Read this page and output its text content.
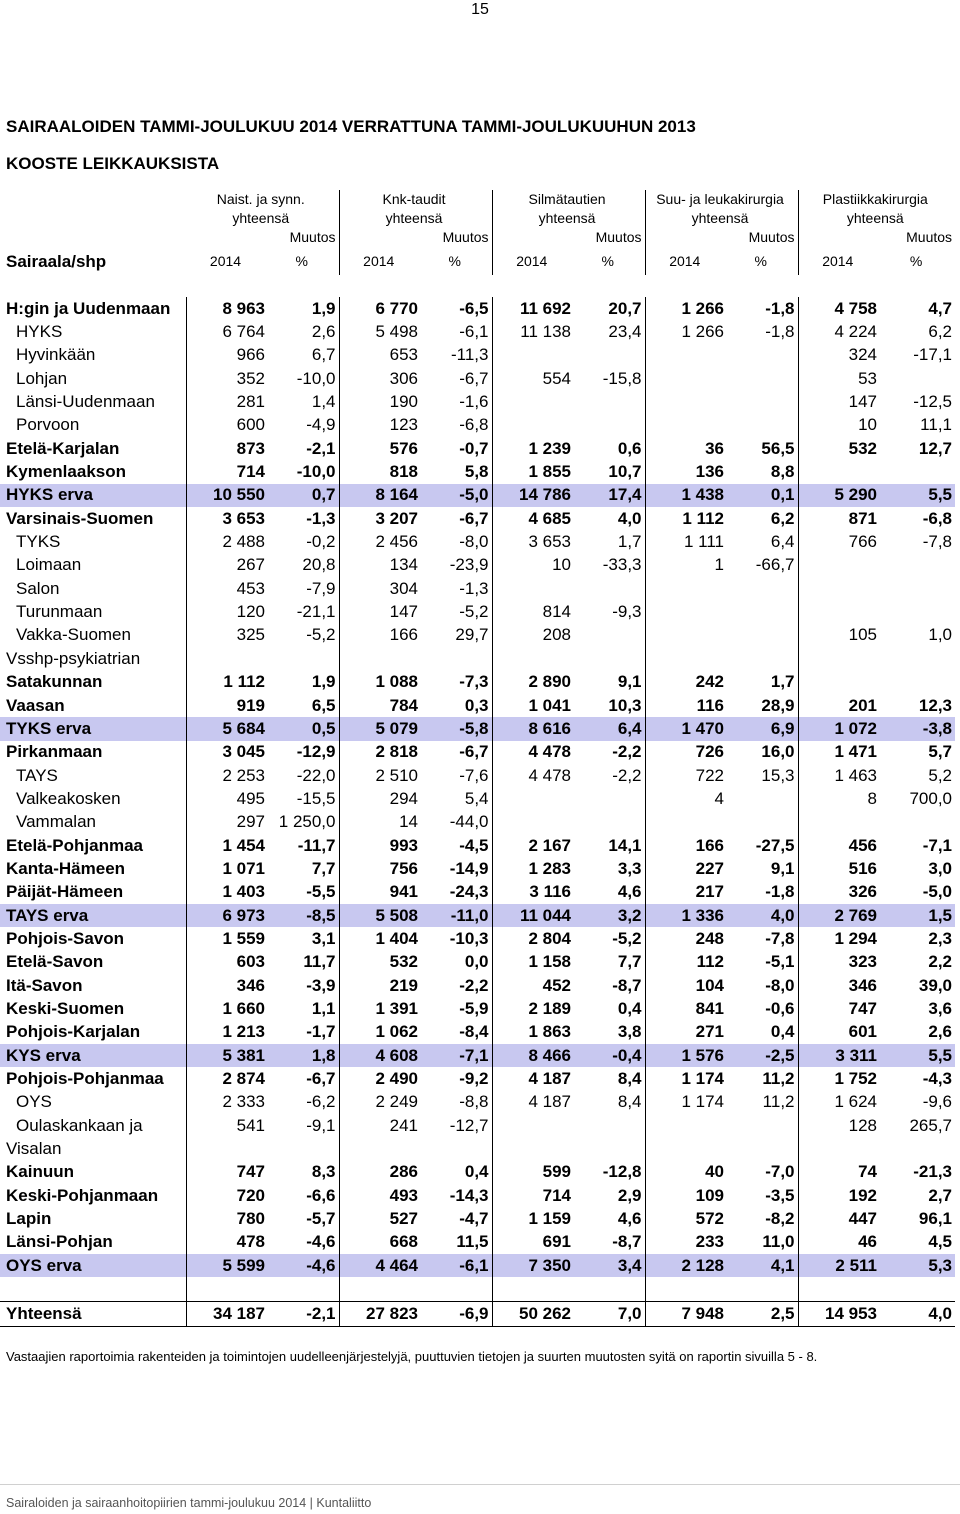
15
SAIRAALOIDEN TAMMI-JOULUKUU 2014 VERRATTUNA TAMMI-JOULUKUUHUN 2013
KOOSTE LEIKKAUKSISTA
	Naist. ja synn.		Knk-taudit		Silmätautien		Suu- ja leukakirurgia		Plastiikkakirurgia	
	yhteensä		yhteensä		yhteensä		yhteensä		yhteensä	
		Muutos		Muutos		Muutos		Muutos		Muutos
Sairaala/shp	2014	%	2014	%	2014	%	2014	%	2014	%
H:gin ja Uudenmaan	8 963	1,9	6 770	-6,5	11 692	20,7	1 266	-1,8	4 758	4,7
HYKS	6 764	2,6	5 498	-6,1	11 138	23,4	1 266	-1,8	4 224	6,2
Hyvinkään	966	6,7	653	-11,3					324	-17,1
Lohjan	352	-10,0	306	-6,7	554	-15,8			53	
Länsi-Uudenmaan	281	1,4	190	-1,6					147	-12,5
Porvoon	600	-4,9	123	-6,8					10	11,1
Etelä-Karjalan	873	-2,1	576	-0,7	1 239	0,6	36	56,5	532	12,7
Kymenlaakson	714	-10,0	818	5,8	1 855	10,7	136	8,8		
HYKS erva	10 550	0,7	8 164	-5,0	14 786	17,4	1 438	0,1	5 290	5,5
Varsinais-Suomen	3 653	-1,3	3 207	-6,7	4 685	4,0	1 112	6,2	871	-6,8
TYKS	2 488	-0,2	2 456	-8,0	3 653	1,7	1 111	6,4	766	-7,8
Loimaan	267	20,8	134	-23,9	10	-33,3	1	-66,7		
Salon	453	-7,9	304	-1,3						
Turunmaan	120	-21,1	147	-5,2	814	-9,3				
Vakka-Suomen	325	-5,2	166	29,7	208				105	1,0
Vsshp-psykiatrian										
Satakunnan	1 112	1,9	1 088	-7,3	2 890	9,1	242	1,7		
Vaasan	919	6,5	784	0,3	1 041	10,3	116	28,9	201	12,3
TYKS erva	5 684	0,5	5 079	-5,8	8 616	6,4	1 470	6,9	1 072	-3,8
Pirkanmaan	3 045	-12,9	2 818	-6,7	4 478	-2,2	726	16,0	1 471	5,7
TAYS	2 253	-22,0	2 510	-7,6	4 478	-2,2	722	15,3	1 463	5,2
Valkeakosken	495	-15,5	294	5,4			4		8	700,0
Vammalan	297	1 250,0	14	-44,0						
Etelä-Pohjanmaa	1 454	-11,7	993	-4,5	2 167	14,1	166	-27,5	456	-7,1
Kanta-Hämeen	1 071	7,7	756	-14,9	1 283	3,3	227	9,1	516	3,0
Päijät-Hämeen	1 403	-5,5	941	-24,3	3 116	4,6	217	-1,8	326	-5,0
TAYS erva	6 973	-8,5	5 508	-11,0	11 044	3,2	1 336	4,0	2 769	1,5
Pohjois-Savon	1 559	3,1	1 404	-10,3	2 804	-5,2	248	-7,8	1 294	2,3
Etelä-Savon	603	11,7	532	0,0	1 158	7,7	112	-5,1	323	2,2
Itä-Savon	346	-3,9	219	-2,2	452	-8,7	104	-8,0	346	39,0
Keski-Suomen	1 660	1,1	1 391	-5,9	2 189	0,4	841	-0,6	747	3,6
Pohjois-Karjalan	1 213	-1,7	1 062	-8,4	1 863	3,8	271	0,4	601	2,6
KYS erva	5 381	1,8	4 608	-7,1	8 466	-0,4	1 576	-2,5	3 311	5,5
Pohjois-Pohjanmaa	2 874	-6,7	2 490	-9,2	4 187	8,4	1 174	11,2	1 752	-4,3
OYS	2 333	-6,2	2 249	-8,8	4 187	8,4	1 174	11,2	1 624	-9,6
Oulaskankaan ja	541	-9,1	241	-12,7					128	265,7
Visalan										
Kainuun	747	8,3	286	0,4	599	-12,8	40	-7,0	74	-21,3
Keski-Pohjanmaan	720	-6,6	493	-14,3	714	2,9	109	-3,5	192	2,7
Lapin	780	-5,7	527	-4,7	1 159	4,6	572	-8,2	447	96,1
Länsi-Pohjan	478	-4,6	668	11,5	691	-8,7	233	11,0	46	4,5
OYS erva	5 599	-4,6	4 464	-6,1	7 350	3,4	2 128	4,1	2 511	5,3

Yhteensä	34 187	-2,1	27 823	-6,9	50 262	7,0	7 948	2,5	14 953	4,0
Vastaajien raportoimia rakenteiden ja toimintojen uudelleenjärjestelyjä, puuttuvien tietojen ja suurten muutosten syitä on raportin sivuilla 5 - 8.
Sairaloiden ja sairaanhoitopiirien tammi-joulukuu 2014 | Kuntaliitto
